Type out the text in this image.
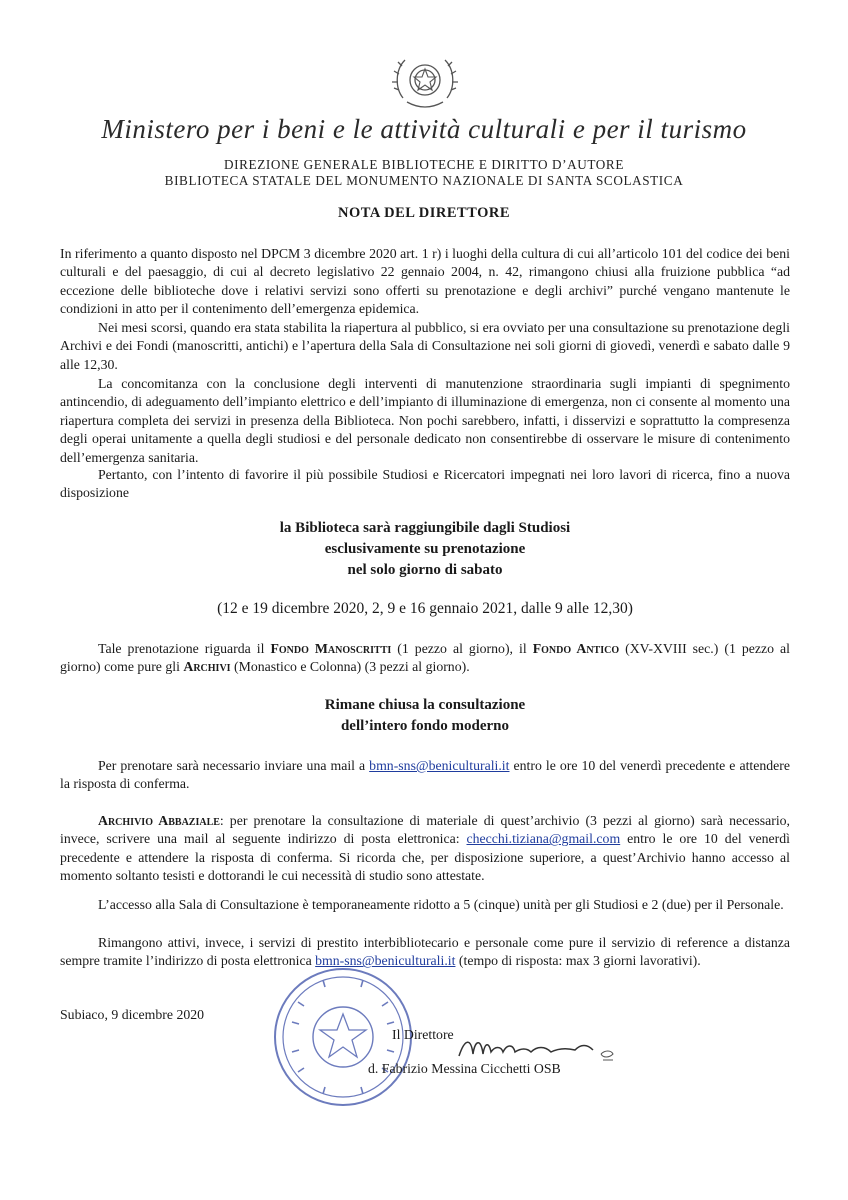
Ministero per i beni e le attività culturali e per il turismo
DIREZIONE GENERALE BIBLIOTECHE E DIRITTO D’AUTORE
BIBLIOTECA STATALE DEL MONUMENTO NAZIONALE DI SANTA SCOLASTICA
NOTA DEL DIRETTORE
In riferimento a quanto disposto nel DPCM 3 dicembre 2020 art. 1 r) i luoghi della cultura di cui all’articolo 101 del codice dei beni culturali e del paesaggio, di cui al decreto legislativo 22 gennaio 2004, n. 42, rimangono chiusi alla fruizione pubblica “ad eccezione delle biblioteche dove i relativi servizi sono offerti su prenotazione e degli archivi” purché vengano mantenute le condizioni in atto per il contenimento dell’emergenza epidemica.
Nei mesi scorsi, quando era stata stabilita la riapertura al pubblico, si era ovviato per una consultazione su prenotazione degli Archivi e dei Fondi (manoscritti, antichi) e l’apertura della Sala di Consultazione nei soli giorni di giovedì, venerdì e sabato dalle 9 alle 12,30.
La concomitanza con la conclusione degli interventi di manutenzione straordinaria sugli impianti di spegnimento antincendio, di adeguamento dell’impianto elettrico e dell’impianto di illuminazione di emergenza, non ci consente al momento una riapertura completa dei servizi in presenza della Biblioteca. Non pochi sarebbero, infatti, i disservizi e soprattutto la compresenza degli operai unitamente a quella degli studiosi e del personale dedicato non consentirebbe di osservare le misure di contenimento dell’emergenza sanitaria.
Pertanto, con l’intento di favorire il più possibile Studiosi e Ricercatori impegnati nei loro lavori di ricerca, fino a nuova disposizione
la Biblioteca sarà raggiungibile dagli Studiosi
esclusivamente su prenotazione
nel solo giorno di sabato
(12 e 19 dicembre 2020, 2, 9 e 16 gennaio 2021, dalle 9 alle 12,30)
Tale prenotazione riguarda il Fondo Manoscritti (1 pezzo al giorno), il Fondo Antico (XV-XVIII sec.) (1 pezzo al giorno) come pure gli Archivi (Monastico e Colonna) (3 pezzi al giorno).
Rimane chiusa la consultazione
dell’intero fondo moderno
Per prenotare sarà necessario inviare una mail a bmn-sns@beniculturali.it entro le ore 10 del venerdì precedente e attendere la risposta di conferma.
Archivio Abbaziale: per prenotare la consultazione di materiale di quest’archivio (3 pezzi al giorno) sarà necessario, invece, scrivere una mail al seguente indirizzo di posta elettronica: checchi.tiziana@gmail.com entro le ore 10 del venerdì precedente e attendere la risposta di conferma. Si ricorda che, per disposizione superiore, a quest’Archivio hanno accesso al momento soltanto tesisti e dottorandi le cui necessità di studio sono attestate.
L’accesso alla Sala di Consultazione è temporaneamente ridotto a 5 (cinque) unità per gli Studiosi e 2 (due) per il Personale.
Rimangono attivi, invece, i servizi di prestito interbibliotecario e personale come pure il servizio di reference a distanza sempre tramite l’indirizzo di posta elettronica bmn-sns@beniculturali.it (tempo di risposta: max 3 giorni lavorativi).
Subiaco, 9 dicembre 2020
Il Direttore
d. Fabrizio Messina Cicchetti OSB
